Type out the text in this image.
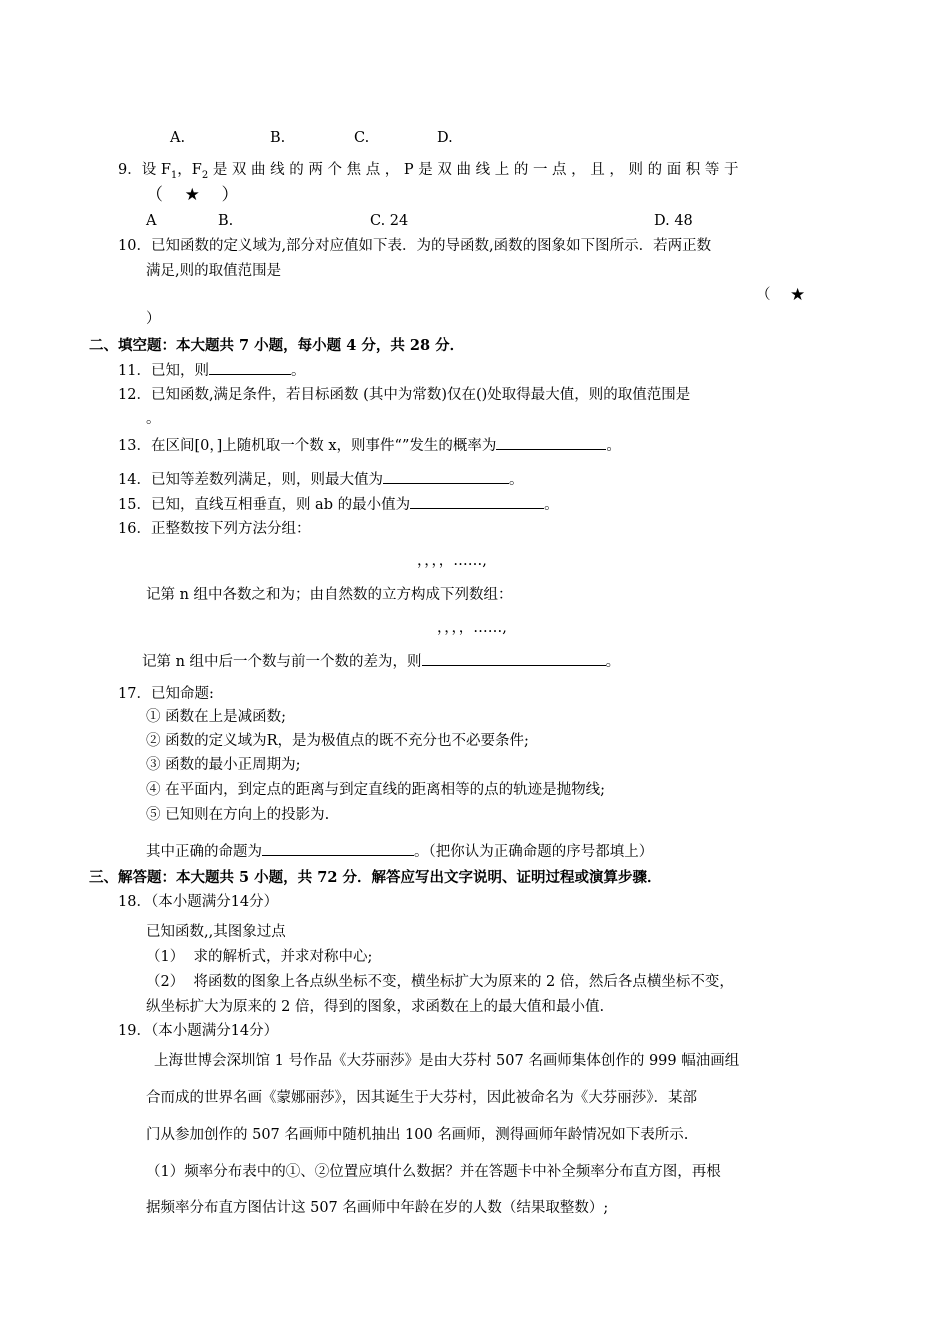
A.	B.	C.	D.
9．设 $F_1$，$F_2$ 是 双 曲 线 的 两 个 焦 点 ， P 是 双 曲 线 上 的 一 点 ， 且 ， 则 的 面 积 等 于
（    ★    ）
A	B.	C. 24	D. 48
10．已知函数的定义域为,部分对应值如下表．为的导函数,函数的图象如下图所示．若两正数
满足,则的取值范围是
（ ★
）
二、填空题：本大题共 7 小题，每小题 4 分，共 28 分．
11．已知，则	。
12．已知函数,满足条件，若目标函数 (其中为常数)仅在()处取得最大值，则的取值范围是
。
13．在区间[0，]上随机取一个数 x，则事件“”发生的概率为	。
14．已知等差数列满足，则，则最大值为	。
15．已知，直线互相垂直，则 ab 的最小值为	。
16．正整数按下列方法分组：
，，，，……,
记第 n 组中各数之和为；由自然数的立方构成下列数组：
，，，，……,
记第 n 组中后一个数与前一个数的差为，则	。
17．已知命题:
① 函数在上是减函数;
② 函数的定义域为R，是为极值点的既不充分也不必要条件;
③ 函数的最小正周期为;
④ 在平面内，到定点的距离与到定直线的距离相等的点的轨迹是抛物线;
⑤ 已知则在方向上的投影为.
其中正确的命题为	。（把你认为正确命题的序号都填上）
三、解答题：本大题共 5 小题，共 72 分．解答应写出文字说明、证明过程或演算步骤．
18．（本小题满分14分）
已知函数,,其图象过点
（1）  求的解析式，并求对称中心;
（2）  将函数的图象上各点纵坐标不变，横坐标扩大为原来的 2 倍，然后各点横坐标不变，
纵坐标扩大为原来的 2 倍，得到的图象，求函数在上的最大值和最小值.
19．（本小题满分14分）
上海世博会深圳馆 1 号作品《大芬丽莎》是由大芬村 507 名画师集体创作的 999 幅油画组
合而成的世界名画《蒙娜丽莎》，因其诞生于大芬村，因此被命名为《大芬丽莎》．某部
门从参加创作的 507 名画师中随机抽出 100 名画师，测得画师年龄情况如下表所示.
（1）频率分布表中的①、②位置应填什么数据？并在答题卡中补全频率分布直方图，再根
据频率分布直方图估计这 507 名画师中年龄在岁的人数（结果取整数）;
